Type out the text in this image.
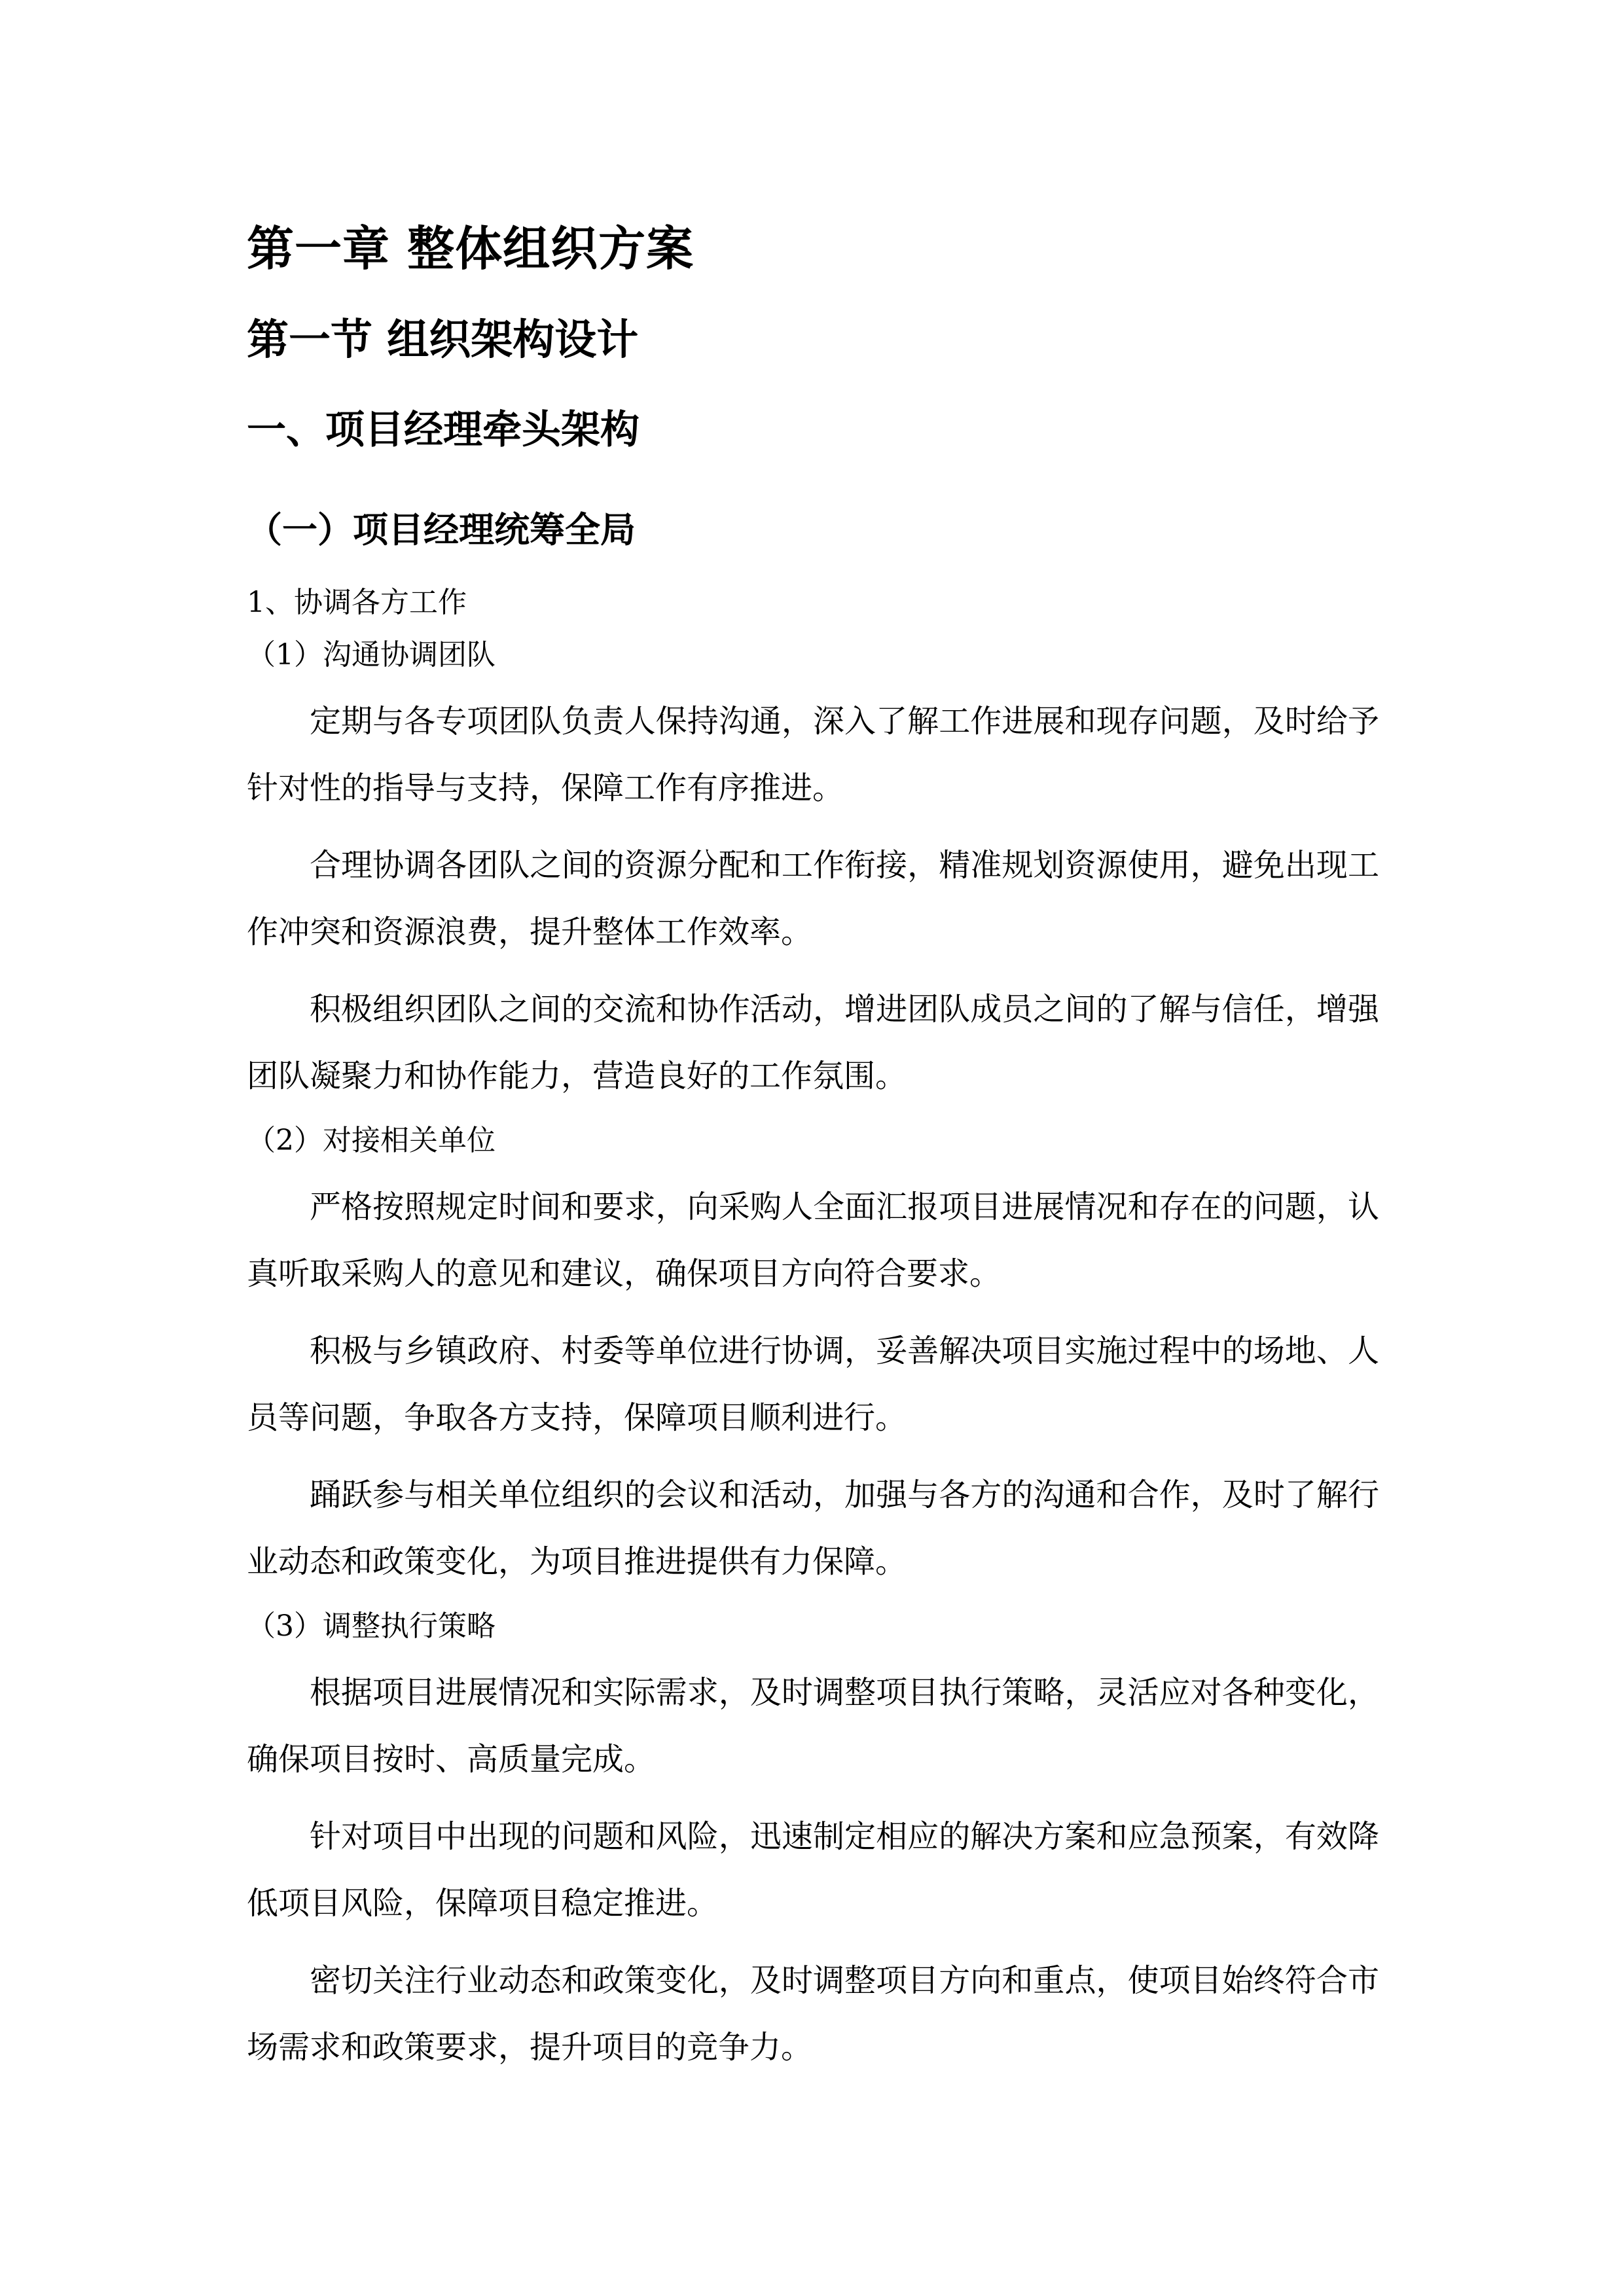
第一章 整体组织方案
第一节 组织架构设计
一、项目经理牵头架构
（一）项目经理统筹全局
1、协调各方工作
（1）沟通协调团队

定期与各专项团队负责人保持沟通，深入了解工作进展和现存问题，及时给予针对性的指导与支持，保障工作有序推进。

合理协调各团队之间的资源分配和工作衔接，精准规划资源使用，避免出现工作冲突和资源浪费，提升整体工作效率。

积极组织团队之间的交流和协作活动，增进团队成员之间的了解与信任，增强团队凝聚力和协作能力，营造良好的工作氛围。

（2）对接相关单位

严格按照规定时间和要求，向采购人全面汇报项目进展情况和存在的问题，认真听取采购人的意见和建议，确保项目方向符合要求。

积极与乡镇政府、村委等单位进行协调，妥善解决项目实施过程中的场地、人员等问题，争取各方支持，保障项目顺利进行。

踊跃参与相关单位组织的会议和活动，加强与各方的沟通和合作，及时了解行业动态和政策变化，为项目推进提供有力保障。

（3）调整执行策略

根据项目进展情况和实际需求，及时调整项目执行策略，灵活应对各种变化，确保项目按时、高质量完成。

针对项目中出现的问题和风险，迅速制定相应的解决方案和应急预案，有效降低项目风险，保障项目稳定推进。

密切关注行业动态和政策变化，及时调整项目方向和重点，使项目始终符合市场需求和政策要求，提升项目的竞争力。
